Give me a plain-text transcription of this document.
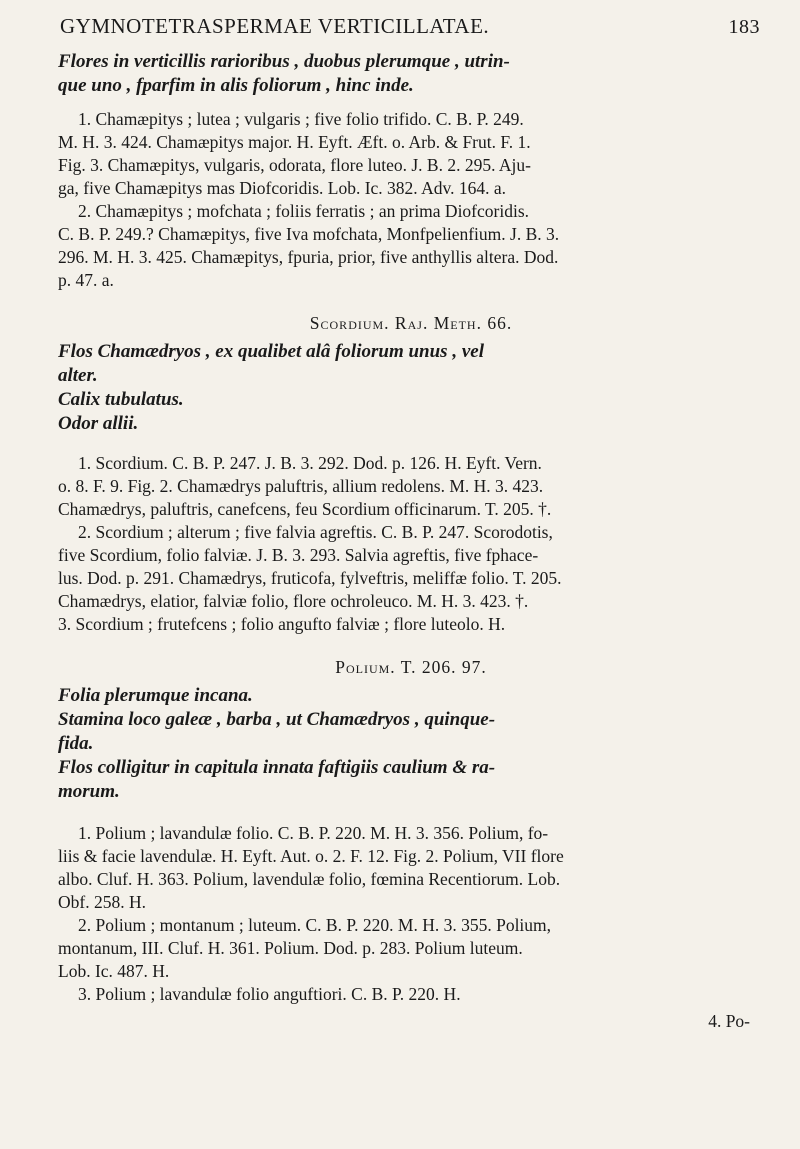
GYMNOTETRASPERMAE VERTICILLATAE.	183
Flores in verticillis rarioribus , duobus plerumque , utrin-
que uno , fparfim in alis foliorum , hinc inde.
1. Chamæpitys ; lutea ; vulgaris ; five folio trifido. C. B. P. 249.
M. H. 3. 424. Chamæpitys major. H. Eyft. Æft. o. Arb. & Frut. F. 1.
Fig. 3. Chamæpitys, vulgaris, odorata, flore luteo. J. B. 2. 295. Aju-
ga, five Chamæpitys mas Diofcoridis. Lob. Ic. 382. Adv. 164. a.
2. Chamæpitys ; mofchata ; foliis ferratis ; an prima Diofcoridis.
C. B. P. 249.? Chamæpitys, five Iva mofchata, Monfpelienfium. J. B. 3.
296. M. H. 3. 425. Chamæpitys, fpuria, prior, five anthyllis altera. Dod.
p. 47. a.
Scordium. Raj. Meth. 66.
Flos Chamædryos , ex qualibet alâ foliorum unus , vel
alter.
Calix tubulatus.
Odor allii.
1. Scordium. C. B. P. 247. J. B. 3. 292. Dod. p. 126. H. Eyft. Vern.
o. 8. F. 9. Fig. 2. Chamædrys paluftris, allium redolens. M. H. 3. 423.
Chamædrys, paluftris, canefcens, feu Scordium officinarum. T. 205. †.
2. Scordium ; alterum ; five falvia agreftis. C. B. P. 247. Scorodotis,
five Scordium, folio falviæ. J. B. 3. 293. Salvia agreftis, five fphace-
lus. Dod. p. 291. Chamædrys, fruticofa, fylveftris, meliffæ folio. T. 205.
Chamædrys, elatior, falviæ folio, flore ochroleuco. M. H. 3. 423. †.
3. Scordium ; frutefcens ; folio angufto falviæ ; flore luteolo. H.
Polium. T. 206. 97.
Folia plerumque incana.
Stamina loco galeæ , barba , ut Chamædryos , quinque-
fida.
Flos colligitur in capitula innata faftigiis caulium & ra-
morum.
1. Polium ; lavandulæ folio. C. B. P. 220. M. H. 3. 356. Polium, fo-
liis & facie lavendulæ. H. Eyft. Aut. o. 2. F. 12. Fig. 2. Polium, VII flore
albo. Cluf. H. 363. Polium, lavendulæ folio, fœmina Recentiorum. Lob.
Obf. 258. H.
2. Polium ; montanum ; luteum. C. B. P. 220. M. H. 3. 355. Polium,
montanum, III. Cluf. H. 361. Polium. Dod. p. 283. Polium luteum.
Lob. Ic. 487. H.
3. Polium ; lavandulæ folio anguftiori. C. B. P. 220. H.
4. Po-
